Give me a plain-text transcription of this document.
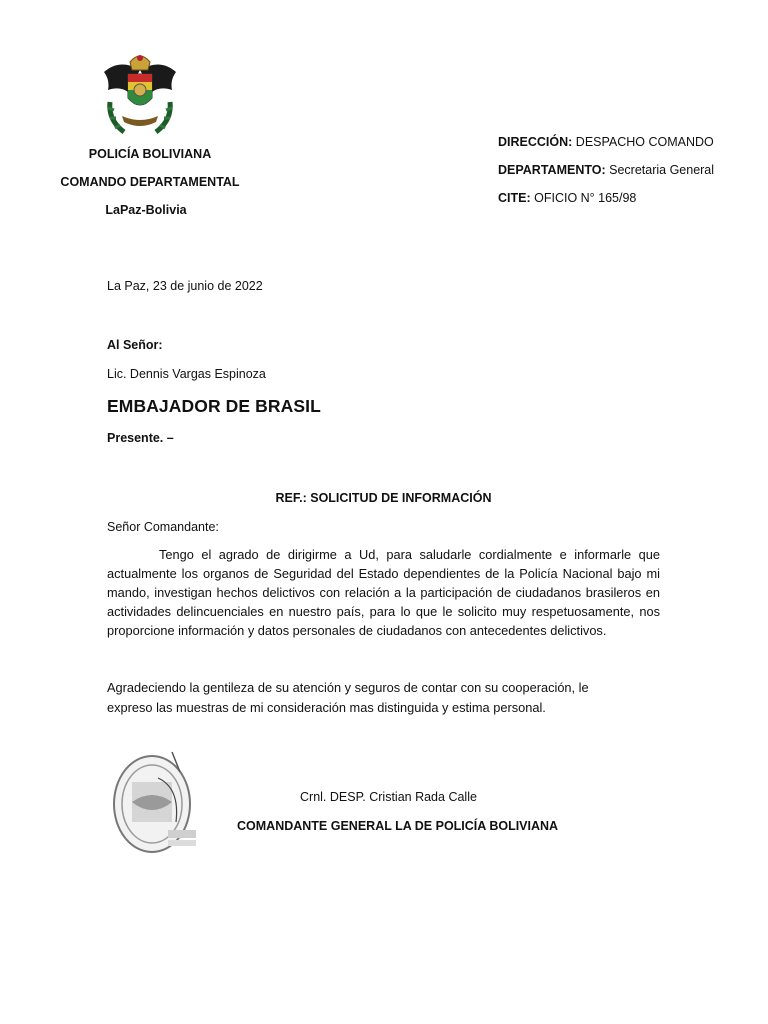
POLICÍA BOLIVIANA
COMANDO DEPARTAMENTAL
LaPaz-Bolivia
DIRECCIÓN: DESPACHO COMANDO
DEPARTAMENTO: Secretaria General
CITE: OFICIO N° 165/98
La Paz, 23 de junio de 2022
Al Señor:
Lic. Dennis Vargas Espinoza
EMBAJADOR DE BRASIL
Presente. –
REF.: SOLICITUD DE INFORMACIÓN
Señor Comandante:
Tengo el agrado de dirigirme a Ud, para saludarle cordialmente e informarle que actualmente los organos de Seguridad del Estado dependientes de la Policía Nacional bajo mi mando, investigan hechos delictivos con relación a la participación de ciudadanos brasileros en actividades delincuenciales en nuestro país, para lo que le solicito muy respetuosamente, nos proporcione información y datos personales de ciudadanos con antecedentes delictivos.
Agradeciendo la gentileza de su atención y seguros de contar con su cooperación, le
expreso las muestras de mi consideración mas distinguida y estima personal.
Crnl. DESP. Cristian Rada Calle
COMANDANTE GENERAL LA DE POLICÍA BOLIVIANA
